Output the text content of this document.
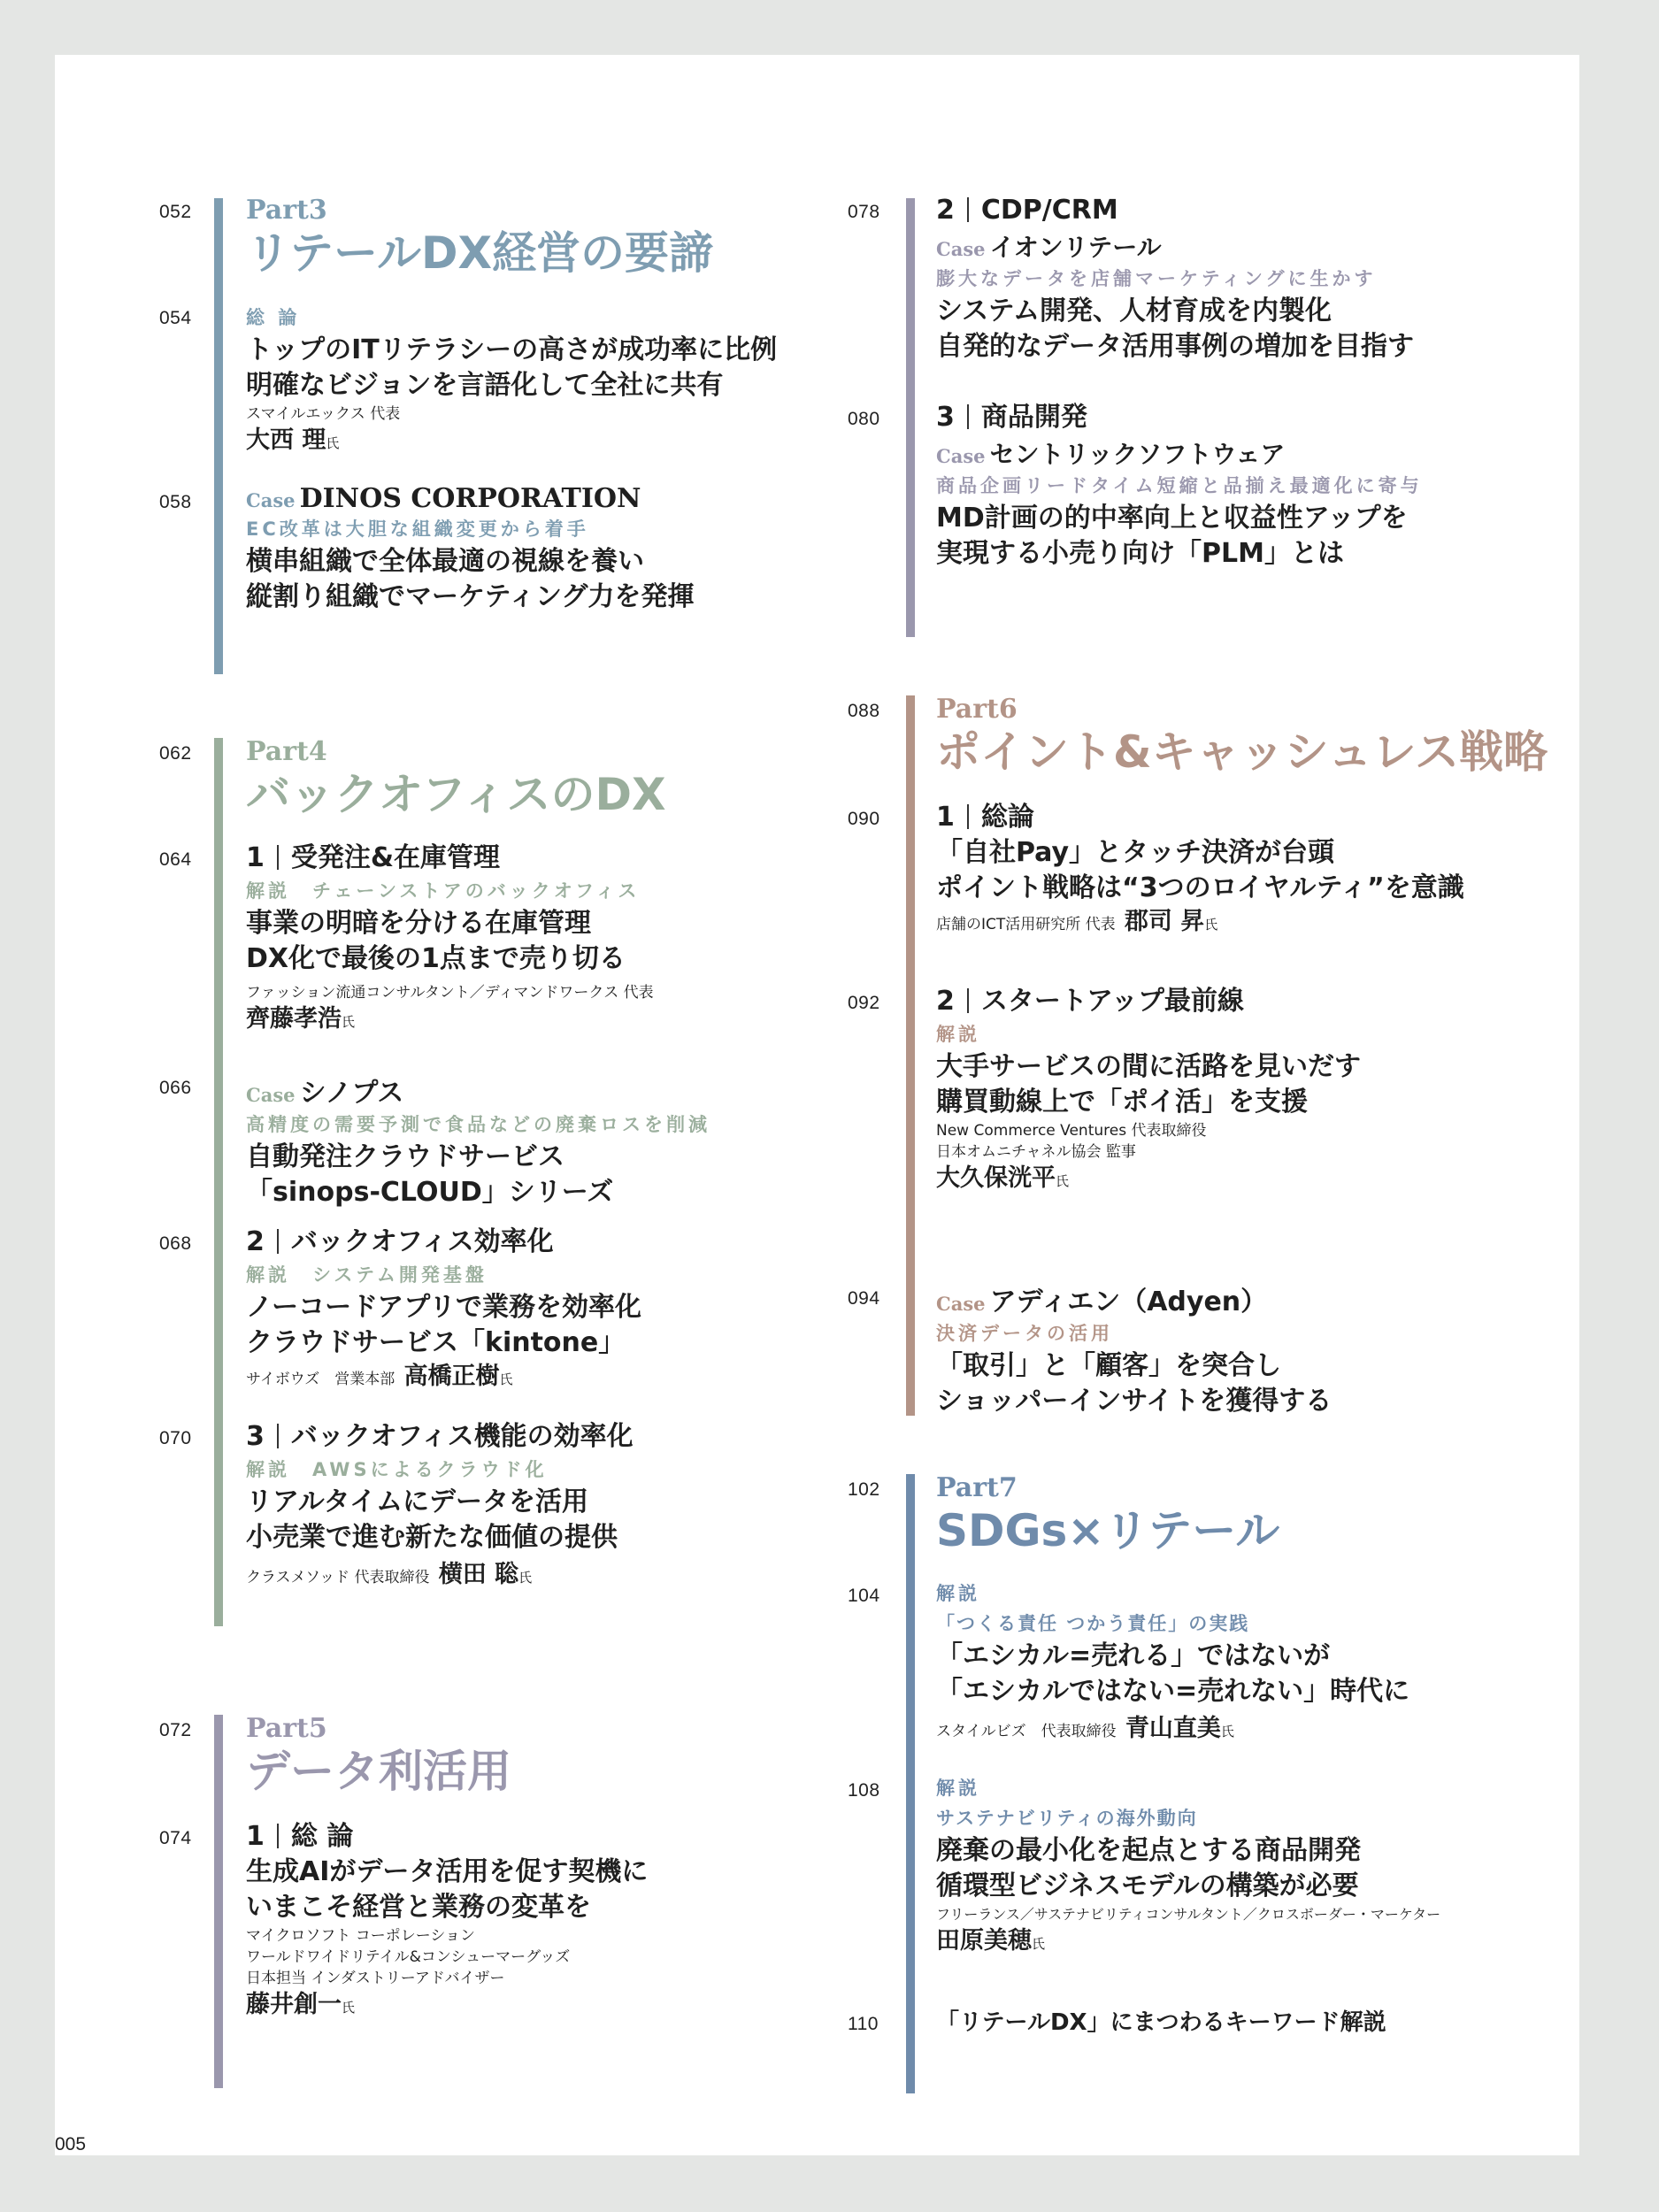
052 Part3
リテールDX経営の要諦
054	総 論
トップのITリテラシーの高さが成功率に比例
明確なビジョンを言語化して全社に共有
スマイルエックス 代表
大西 理氏
058	Case DINOS CORPORATION
EC改革は大胆な組織変更から着手
横串組織で全体最適の視線を養い
縦割り組織でマーケティング力を発揮
062 Part4
バックオフィスのDX
064 1 受発注&在庫管理
解説　チェーンストアのバックオフィス
事業の明暗を分ける在庫管理
DX化で最後の1点まで売り切る
ファッション流通コンサルタント／ディマンドワークス 代表
齊藤孝浩氏
066	Case シノプス
高精度の需要予測で食品などの廃棄ロスを削減
自動発注クラウドサービス
「sinops-CLOUD」シリーズ
068 2 バックオフィス効率化
解説　システム開発基盤
ノーコードアプリで業務を効率化
クラウドサービス「kintone」
サイボウズ　営業本部 高橋正樹氏
070 3 バックオフィス機能の効率化
解説　AWSによるクラウド化
リアルタイムにデータを活用
小売業で進む新たな価値の提供
クラスメソッド 代表取締役 横田 聡氏
072 Part5
データ利活用
074 1 総 論
生成AIがデータ活用を促す契機に
いまこそ経営と業務の変革を
マイクロソフト コーポレーション
ワールドワイドリテイル&コンシューマーグッズ
日本担当 インダストリーアドバイザー
藤井創一氏
078 2 CDP/CRM
Case イオンリテール
膨大なデータを店舗マーケティングに生かす
システム開発、人材育成を内製化
自発的なデータ活用事例の増加を目指す
080 3 商品開発
Case セントリックソフトウェア
商品企画リードタイム短縮と品揃え最適化に寄与
MD計画の的中率向上と収益性アップを
実現する小売り向け「PLM」とは
088 Part6
ポイント&キャッシュレス戦略
090 1 総論
「自社Pay」とタッチ決済が台頭
ポイント戦略は“3つのロイヤルティ”を意識
店舗のICT活用研究所 代表 郡司 昇氏
092 2 スタートアップ最前線
解説
大手サービスの間に活路を見いだす
購買動線上で「ポイ活」を支援
New Commerce Ventures 代表取締役
日本オムニチャネル協会 監事
大久保洸平氏
094	Case アディエン（Adyen）
決済データの活用
「取引」と「顧客」を突合し
ショッパーインサイトを獲得する
102 Part7
SDGs×リテール
104	解説
「つくる責任 つかう責任」の実践
「エシカル=売れる」ではないが
「エシカルではない=売れない」時代に
スタイルビズ　代表取締役 青山直美氏
108	解説
サステナビリティの海外動向
廃棄の最小化を起点とする商品開発
循環型ビジネスモデルの構築が必要
フリーランス／サステナビリティコンサルタント／クロスボーダー・マーケター
田原美穂氏
110	「リテールDX」にまつわるキーワード解説
005
